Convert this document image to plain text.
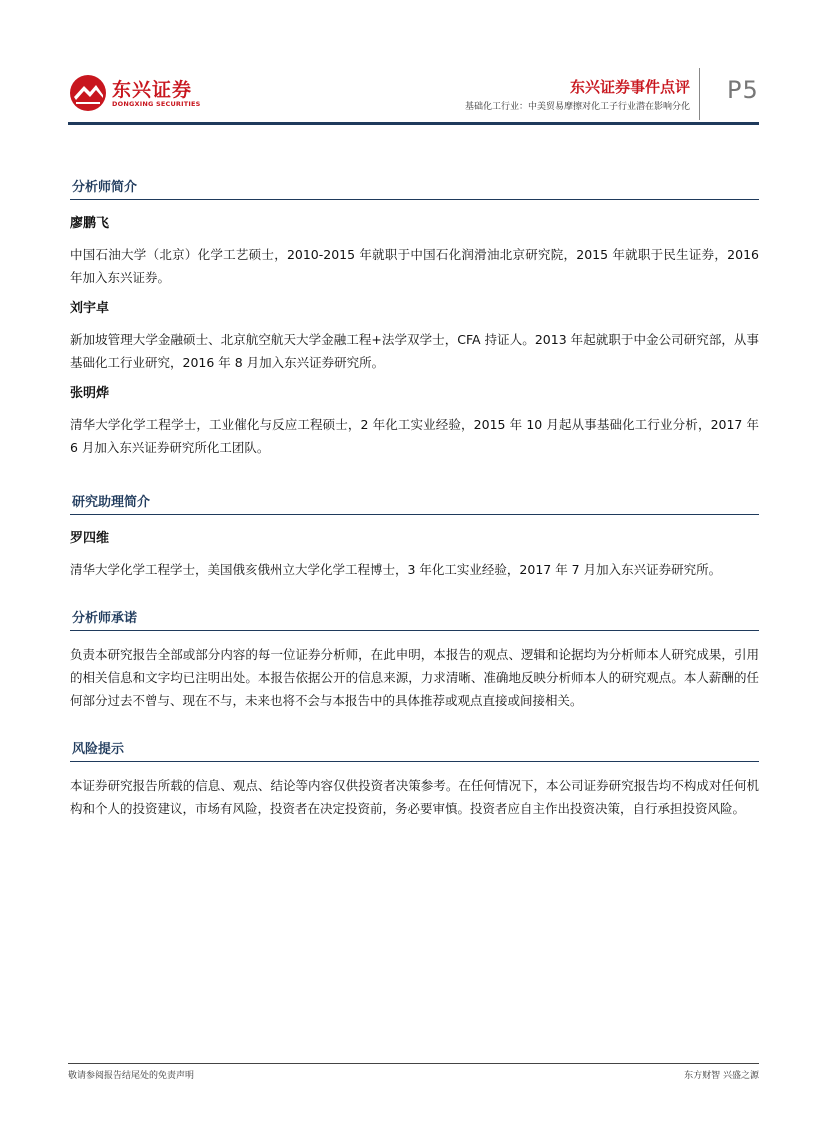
东兴证券
DONGXING SECURITIES
东兴证券事件点评
基础化工行业：中美贸易摩擦对化工子行业潜在影响分化
P5
分析师简介
廖鹏飞

中国石油大学（北京）化学工艺硕士，2010-2015 年就职于中国石化润滑油北京研究院，2015 年就职于民生证券，2016 年加入东兴证券。

刘宇卓

新加坡管理大学金融硕士、北京航空航天大学金融工程+法学双学士，CFA 持证人。2013 年起就职于中金公司研究部，从事基础化工行业研究，2016 年 8 月加入东兴证券研究所。

张明烨

清华大学化学工程学士，工业催化与反应工程硕士，2 年化工实业经验，2015 年 10 月起从事基础化工行业分析，2017 年 6 月加入东兴证券研究所化工团队。

研究助理简介
罗四维

清华大学化学工程学士，美国俄亥俄州立大学化学工程博士，3 年化工实业经验，2017 年 7 月加入东兴证券研究所。

分析师承诺

负责本研究报告全部或部分内容的每一位证券分析师，在此申明，本报告的观点、逻辑和论据均为分析师本人研究成果，引用的相关信息和文字均已注明出处。本报告依据公开的信息来源，力求清晰、准确地反映分析师本人的研究观点。本人薪酬的任何部分过去不曾与、现在不与，未来也将不会与本报告中的具体推荐或观点直接或间接相关。

风险提示

本证券研究报告所载的信息、观点、结论等内容仅供投资者决策参考。在任何情况下，本公司证券研究报告均不构成对任何机构和个人的投资建议，市场有风险，投资者在决定投资前，务必要审慎。投资者应自主作出投资决策，自行承担投资风险。

敬请参阅报告结尾处的免责声明	东方财智 兴盛之源
